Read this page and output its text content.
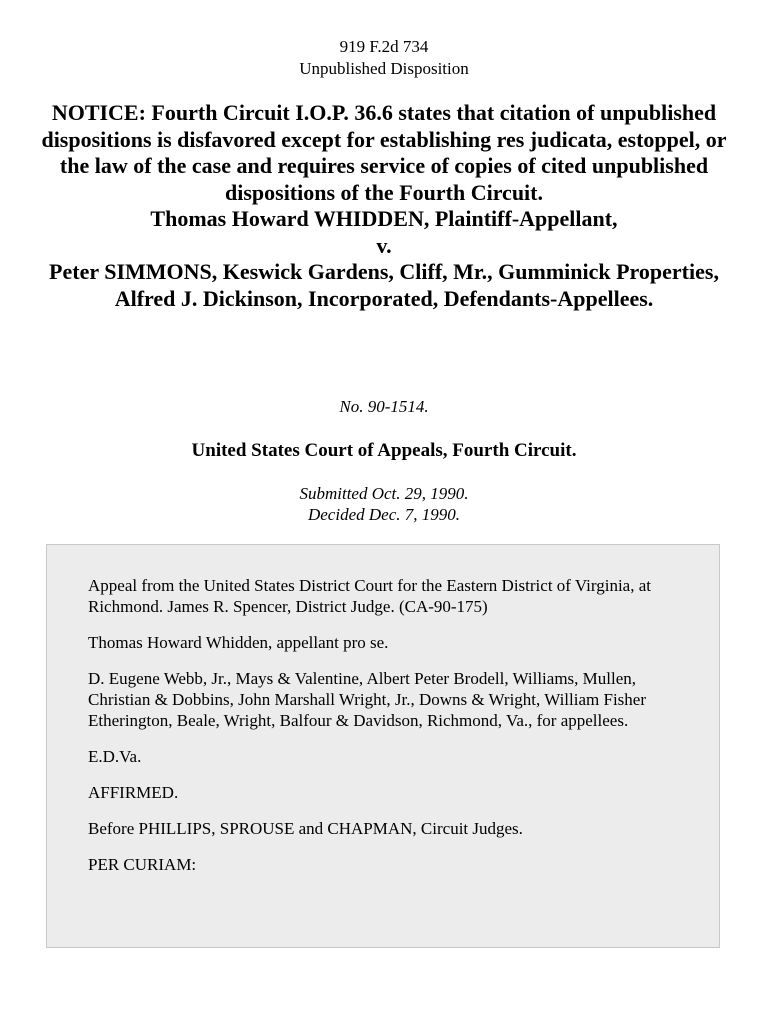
919 F.2d 734
Unpublished Disposition
NOTICE: Fourth Circuit I.O.P. 36.6 states that citation of unpublished dispositions is disfavored except for establishing res judicata, estoppel, or the law of the case and requires service of copies of cited unpublished dispositions of the Fourth Circuit.
Thomas Howard WHIDDEN, Plaintiff-Appellant,
v.
Peter SIMMONS, Keswick Gardens, Cliff, Mr., Gumminick Properties, Alfred J. Dickinson, Incorporated, Defendants-Appellees.
No. 90-1514.
United States Court of Appeals, Fourth Circuit.
Submitted Oct. 29, 1990.
Decided Dec. 7, 1990.

Appeal from the United States District Court for the Eastern District of Virginia, at Richmond. James R. Spencer, District Judge. (CA-90-175)

Thomas Howard Whidden, appellant pro se.

D. Eugene Webb, Jr., Mays & Valentine, Albert Peter Brodell, Williams, Mullen, Christian & Dobbins, John Marshall Wright, Jr., Downs & Wright, William Fisher Etherington, Beale, Wright, Balfour & Davidson, Richmond, Va., for appellees.

E.D.Va.

AFFIRMED.

Before PHILLIPS, SPROUSE and CHAPMAN, Circuit Judges.

PER CURIAM:
